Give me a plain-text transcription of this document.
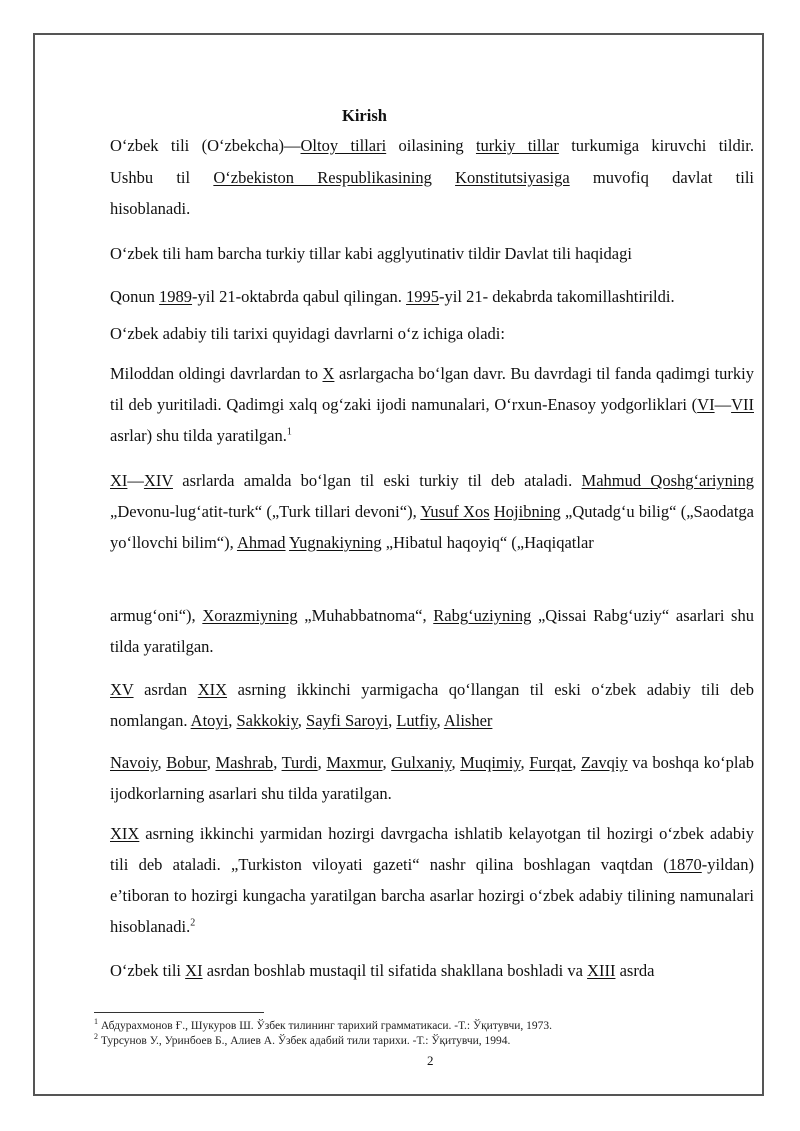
Kirish

O‘zbek tili (O‘zbekcha)—Oltoy tillari oilasining turkiy tillar turkumiga kiruvchi tildir.

Ushbu til O‘zbekiston Respublikasining Konstitutsiyasiga muvofiq davlat tili

hisoblanadi.

O‘zbek tili ham barcha turkiy tillar kabi agglyutinativ tildir Davlat tili haqidagi

Qonun 1989-yil 21-oktabrda qabul qilingan. 1995-yil 21- dekabrda takomillashtirildi.

O‘zbek adabiy tili tarixi quyidagi davrlarni o‘z ichiga oladi:

Miloddan oldingi davrlardan to X asrlargacha bo‘lgan davr. Bu davrdagi til fanda qadimgi turkiy til deb yuritiladi. Qadimgi xalq og‘zaki ijodi namunalari, O‘rxun-Enasoy yodgorliklari (VI—VII asrlar) shu tilda yaratilgan.$^1$

XI—XIV asrlarda amalda bo‘lgan til eski turkiy til deb ataladi. Mahmud Qoshg‘ariyning „Devonu-lug‘atit-turk“ („Turk tillari devoni“), Yusuf Xos Hojibning „Qutadg‘u bilig“ („Saodatga yo‘llovchi bilim“), Ahmad Yugnakiyning „Hibatul haqoyiq“ („Haqiqatlar

armug‘oni“), Xorazmiyning „Muhabbatnoma“, Rabg‘uziyning „Qissai Rabg‘uziy“ asarlari shu tilda yaratilgan.

XV asrdan XIX asrning ikkinchi yarmigacha qo‘llangan til eski o‘zbek adabiy tili deb nomlangan. Atoyi, Sakkokiy, Sayfi Saroyi, Lutfiy, Alisher

Navoiy, Bobur, Mashrab, Turdi, Maxmur, Gulxaniy, Muqimiy, Furqat, Zavqiy va boshqa ko‘plab ijodkorlarning asarlari shu tilda yaratilgan.

XIX asrning ikkinchi yarmidan hozirgi davrgacha ishlatib kelayotgan til hozirgi o‘zbek adabiy tili deb ataladi. „Turkiston viloyati gazeti“ nashr qilina boshlagan vaqtdan (1870-yildan) e’tiboran to hozirgi kungacha yaratilgan barcha asarlar hozirgi o‘zbek adabiy tilining namunalari hisoblanadi.$^2$

O‘zbek tili XI asrdan boshlab mustaqil til sifatida shakllana boshladi va XIII asrda

$^1$ Абдурахмонов Ғ., Шукуров Ш. Ўзбек тилининг тарихий грамматикаси. -Т.: Ўқитувчи, 1973.
$^2$ Турсунов У., Уринбоев Б., Алиев А. Ўзбек адабий тили тарихи. -Т.: Ўқитувчи, 1994.
2
